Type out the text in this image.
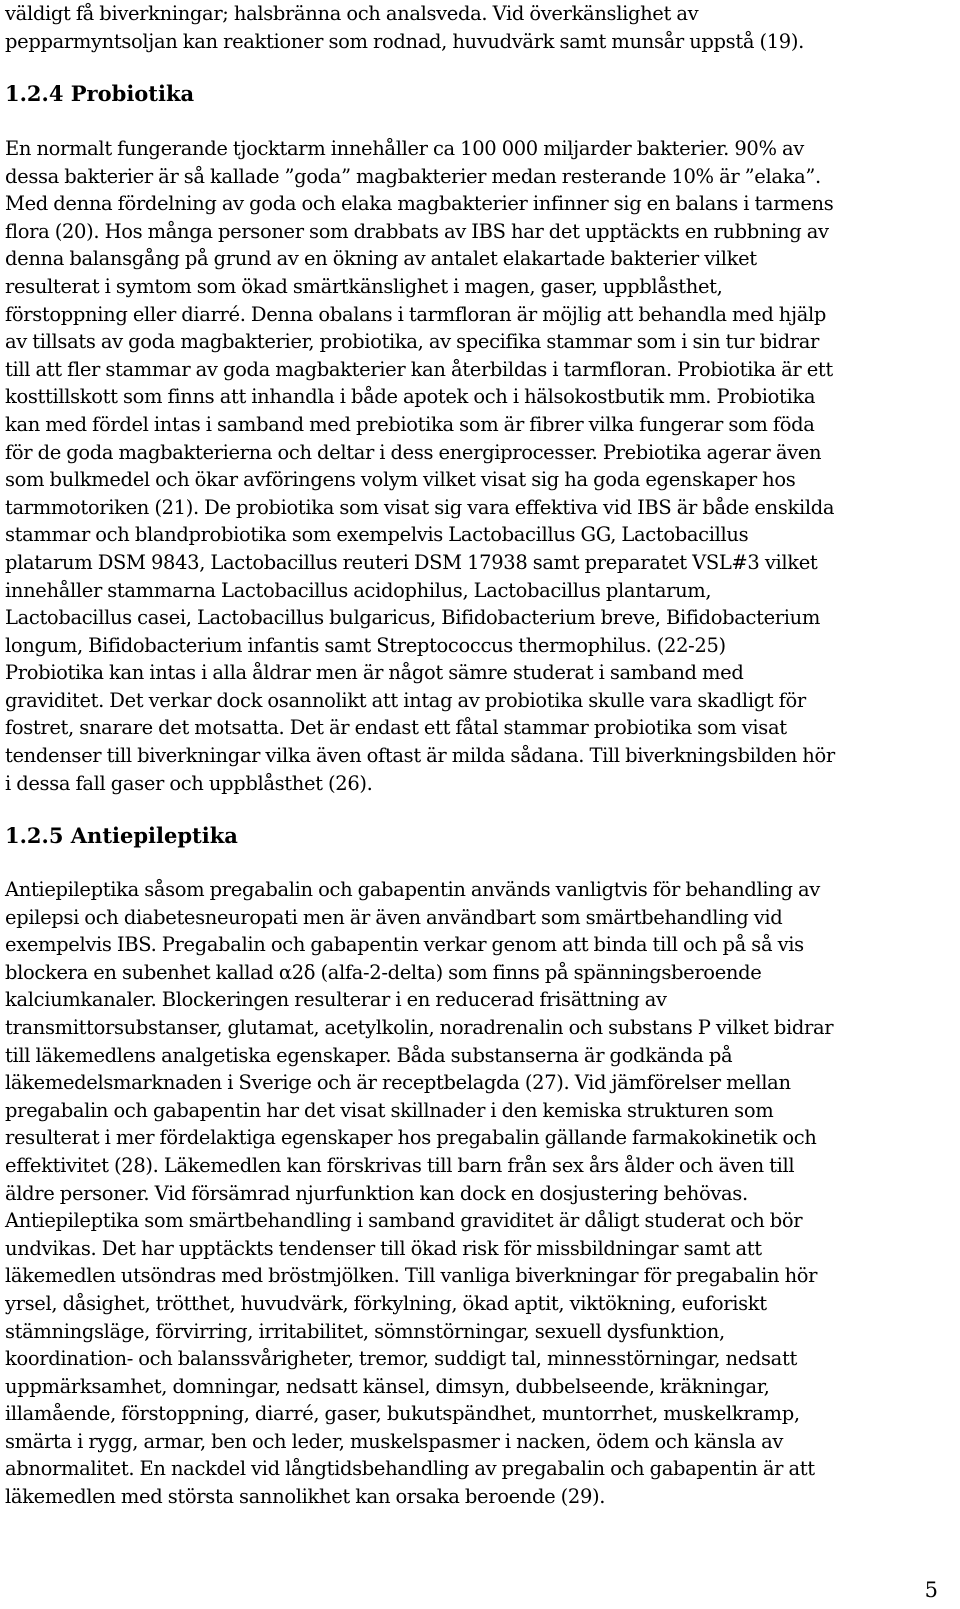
väldigt få biverkningar; halsbränna och analsveda. Vid överkänslighet av
pepparmyntsoljan kan reaktioner som rodnad, huvudvärk samt munsår uppstå (19).
1.2.4 Probiotika
En normalt fungerande tjocktarm innehåller ca 100 000 miljarder bakterier. 90% av
dessa bakterier är så kallade ”goda” magbakterier medan resterande 10% är ”elaka”.
Med denna fördelning av goda och elaka magbakterier infinner sig en balans i tarmens
flora (20). Hos många personer som drabbats av IBS har det upptäckts en rubbning av
denna balansgång på grund av en ökning av antalet elakartade bakterier vilket
resulterat i symtom som ökad smärtkänslighet i magen, gaser, uppblåsthet,
förstoppning eller diarré. Denna obalans i tarmfloran är möjlig att behandla med hjälp
av tillsats av goda magbakterier, probiotika, av specifika stammar som i sin tur bidrar
till att fler stammar av goda magbakterier kan återbildas i tarmfloran. Probiotika är ett
kosttillskott som finns att inhandla i både apotek och i hälsokostbutik mm. Probiotika
kan med fördel intas i samband med prebiotika som är fibrer vilka fungerar som föda
för de goda magbakterierna och deltar i dess energiprocesser. Prebiotika agerar även
som bulkmedel och ökar avföringens volym vilket visat sig ha goda egenskaper hos
tarmmotoriken (21). De probiotika som visat sig vara effektiva vid IBS är både enskilda
stammar och blandprobiotika som exempelvis Lactobacillus GG, Lactobacillus
platarum DSM 9843, Lactobacillus reuteri DSM 17938 samt preparatet VSL#3 vilket
innehåller stammarna Lactobacillus acidophilus, Lactobacillus plantarum,
Lactobacillus casei, Lactobacillus bulgaricus, Bifidobacterium breve, Bifidobacterium
longum, Bifidobacterium infantis samt Streptococcus thermophilus. (22-25)
Probiotika kan intas i alla åldrar men är något sämre studerat i samband med
graviditet. Det verkar dock osannolikt att intag av probiotika skulle vara skadligt för
fostret, snarare det motsatta. Det är endast ett fåtal stammar probiotika som visat
tendenser till biverkningar vilka även oftast är milda sådana. Till biverkningsbilden hör
i dessa fall gaser och uppblåsthet (26).
1.2.5 Antiepileptika
Antiepileptika såsom pregabalin och gabapentin används vanligtvis för behandling av
epilepsi och diabetesneuropati men är även användbart som smärtbehandling vid
exempelvis IBS. Pregabalin och gabapentin verkar genom att binda till och på så vis
blockera en subenhet kallad α2δ (alfa-2-delta) som finns på spänningsberoende
kalciumkanaler. Blockeringen resulterar i en reducerad frisättning av
transmittorsubstanser, glutamat, acetylkolin, noradrenalin och substans P vilket bidrar
till läkemedlens analgetiska egenskaper. Båda substanserna är godkända på
läkemedelsmarknaden i Sverige och är receptbelagda (27). Vid jämförelser mellan
pregabalin och gabapentin har det visat skillnader i den kemiska strukturen som
resulterat i mer fördelaktiga egenskaper hos pregabalin gällande farmakokinetik och
effektivitet (28). Läkemedlen kan förskrivas till barn från sex års ålder och även till
äldre personer. Vid försämrad njurfunktion kan dock en dosjustering behövas.
Antiepileptika som smärtbehandling i samband graviditet är dåligt studerat och bör
undvikas. Det har upptäckts tendenser till ökad risk för missbildningar samt att
läkemedlen utsöndras med bröstmjölken. Till vanliga biverkningar för pregabalin hör
yrsel, dåsighet, trötthet, huvudvärk, förkylning, ökad aptit, viktökning, euforiskt
stämningsläge, förvirring, irritabilitet, sömnstörningar, sexuell dysfunktion,
koordination- och balanssvårigheter, tremor, suddigt tal, minnesstörningar, nedsatt
uppmärksamhet, domningar, nedsatt känsel, dimsyn, dubbelseende, kräkningar,
illamående, förstoppning, diarré, gaser, bukutspändhet, muntorrhet, muskelkramp,
smärta i rygg, armar, ben och leder, muskelspasmer i nacken, ödem och känsla av
abnormalitet. En nackdel vid långtidsbehandling av pregabalin och gabapentin är att
läkemedlen med största sannolikhet kan orsaka beroende (29).
5
